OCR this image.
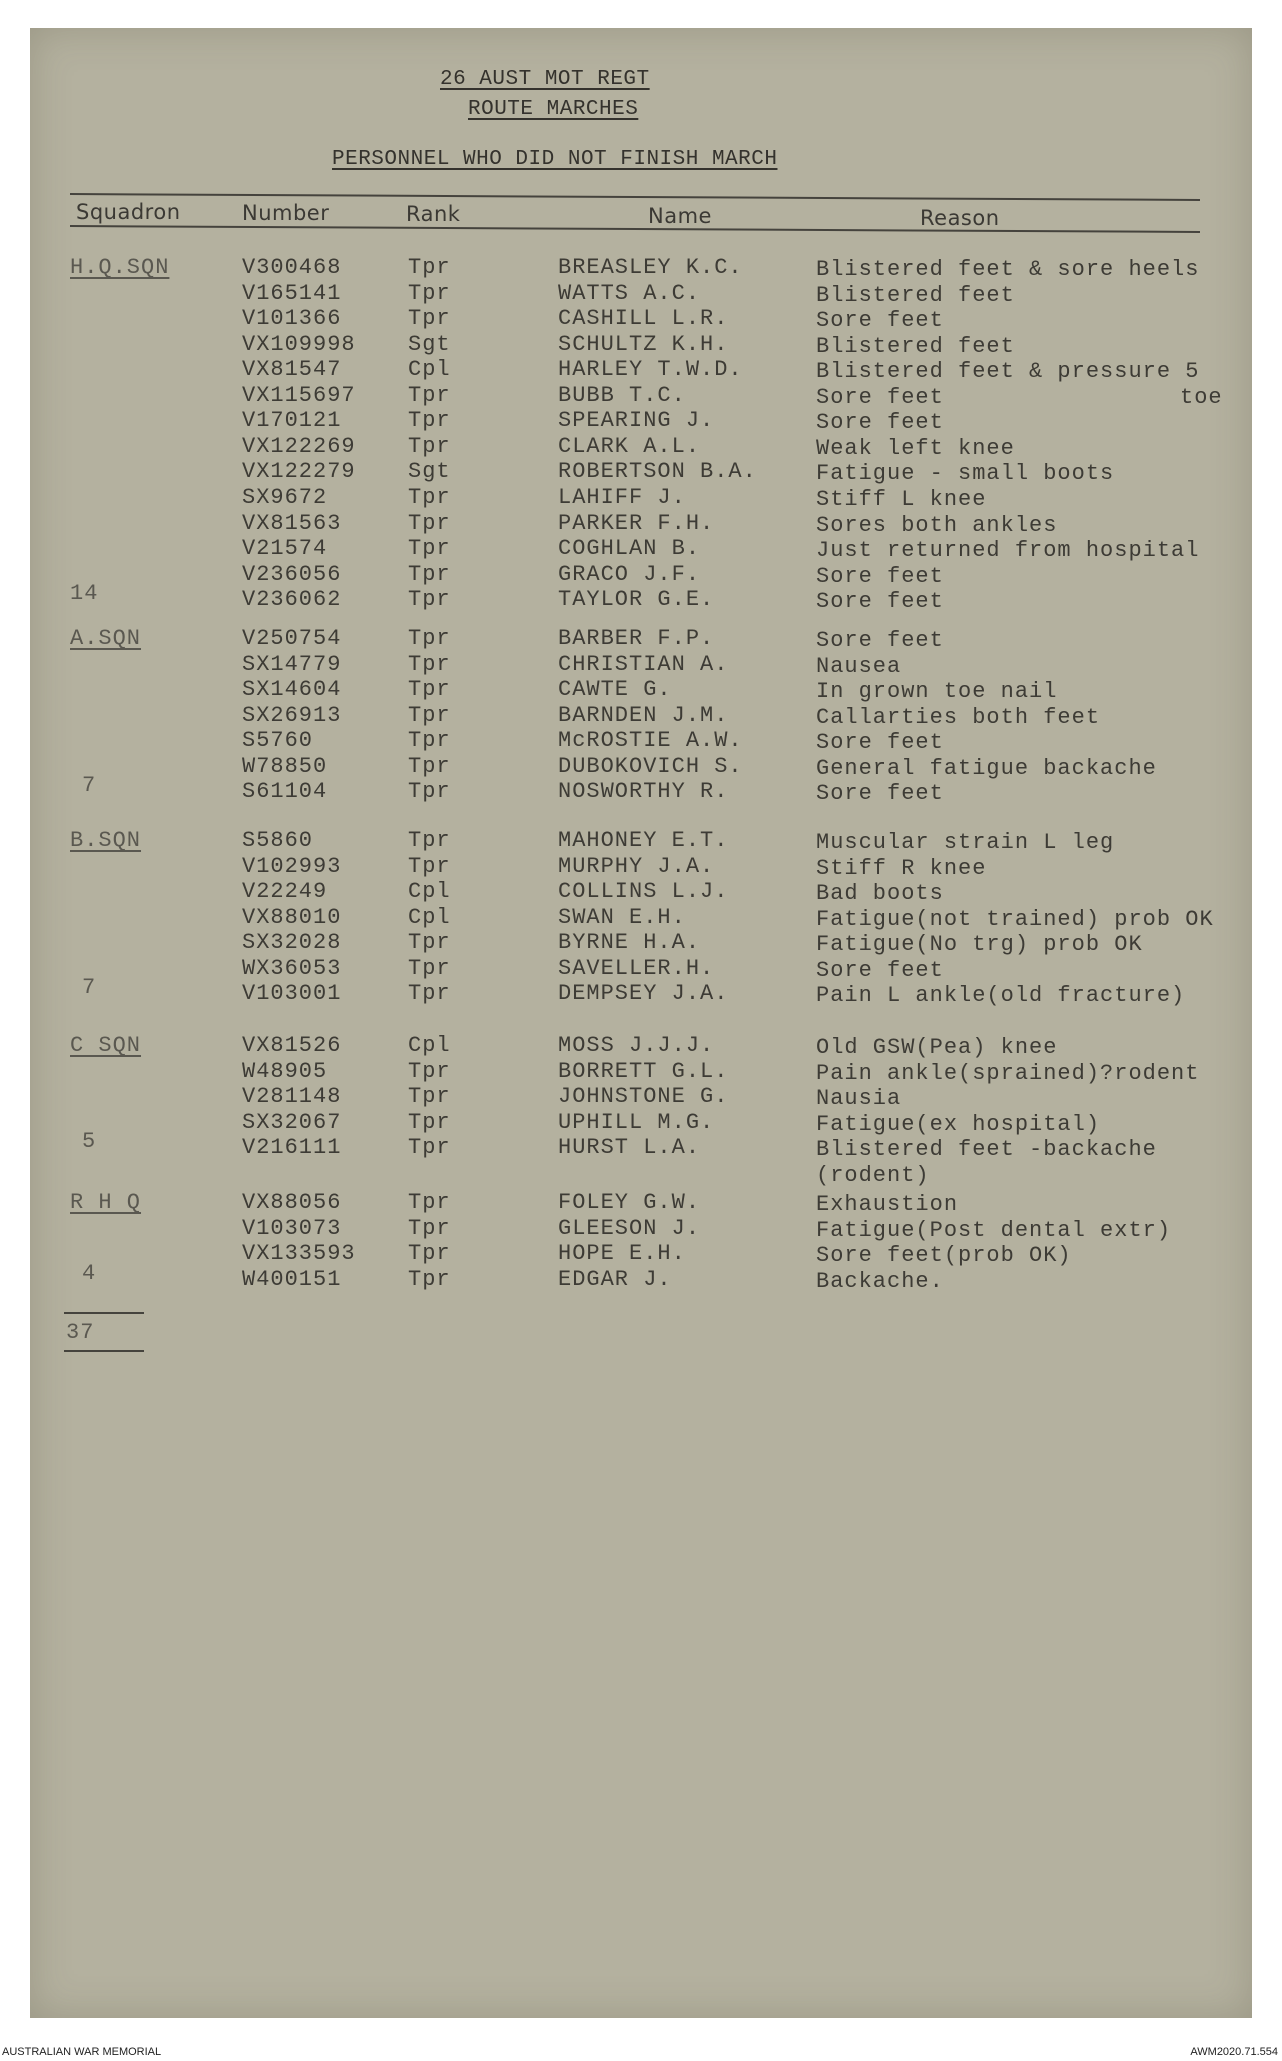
26 AUST MOT REGT
ROUTE MARCHES
PERSONNEL WHO DID NOT FINISH MARCH
Squadron	Number	Rank	Name	Reason
H.Q.SQN	V300468	Tpr	BREASLEY K.C.	Blistered feet & sore heels
V165141	Tpr	WATTS A.C.	Blistered feet
V101366	Tpr	CASHILL L.R.	Sore feet
VX109998 Sgt	SCHULTZ K.H.	Blistered feet
VX81547	Cpl	HARLEY T.W.D.	Blistered feet & pressure 5
VX115697 Tpr	BUBB T.C.	Sore feet	toe
V170121	Tpr	SPEARING J.	Sore feet
VX122269 Tpr	CLARK A.L.	Weak left knee
VX122279 Sgt	ROBERTSON B.A.	Fatigue - small boots
SX9672	Tpr	LAHIFF J.	Stiff L knee
VX81563	Tpr	PARKER F.H.	Sores both ankles
V21574	Tpr	COGHLAN B.	Just returned from hospital
V236056	Tpr	GRACO J.F.	Sore feet
V236062	Tpr	TAYLOR G.E.	Sore feet
14
A.SQN	V250754	Tpr	BARBER F.P.	Sore feet
SX14779	Tpr	CHRISTIAN A.	Nausea
SX14604	Tpr	CAWTE G.	In grown toe nail
SX26913	Tpr	BARNDEN J.M.	Callarties both feet
S5760	Tpr	McROSTIE A.W.	Sore feet
W78850	Tpr	DUBOKOVICH S.	General fatigue backache
S61104	Tpr	NOSWORTHY R.	Sore feet
7
B.SQN	S5860	Tpr	MAHONEY E.T.	Muscular strain L leg
V102993	Tpr	MURPHY J.A.	Stiff R knee
V22249	Cpl	COLLINS L.J.	Bad boots
VX88010	Cpl	SWAN E.H.	Fatigue(not trained) prob OK
SX32028	Tpr	BYRNE H.A.	Fatigue(No trg) prob OK
WX36053	Tpr	SAVELLER.H.	Sore feet
V103001	Tpr	DEMPSEY J.A.	Pain L ankle(old fracture)
7
C SQN	VX81526	Cpl	MOSS J.J.J.	Old GSW(Pea) knee
W48905	Tpr	BORRETT G.L.	Pain ankle(sprained)?rodent
V281148	Tpr	JOHNSTONE G.	Nausia
SX32067	Tpr	UPHILL M.G.	Fatigue(ex hospital)
V216111	Tpr	HURST L.A.	Blistered feet -backache
(rodent)
5
R H Q	VX88056	Tpr	FOLEY G.W.	Exhaustion
V103073	Tpr	GLEESON J.	Fatigue(Post dental extr)
VX133593 Tpr	HOPE E.H.	Sore feet(prob OK)
W400151	Tpr	EDGAR J.	Backache.
4
37
AUSTRALIAN WAR MEMORIAL	AWM2020.71.554
